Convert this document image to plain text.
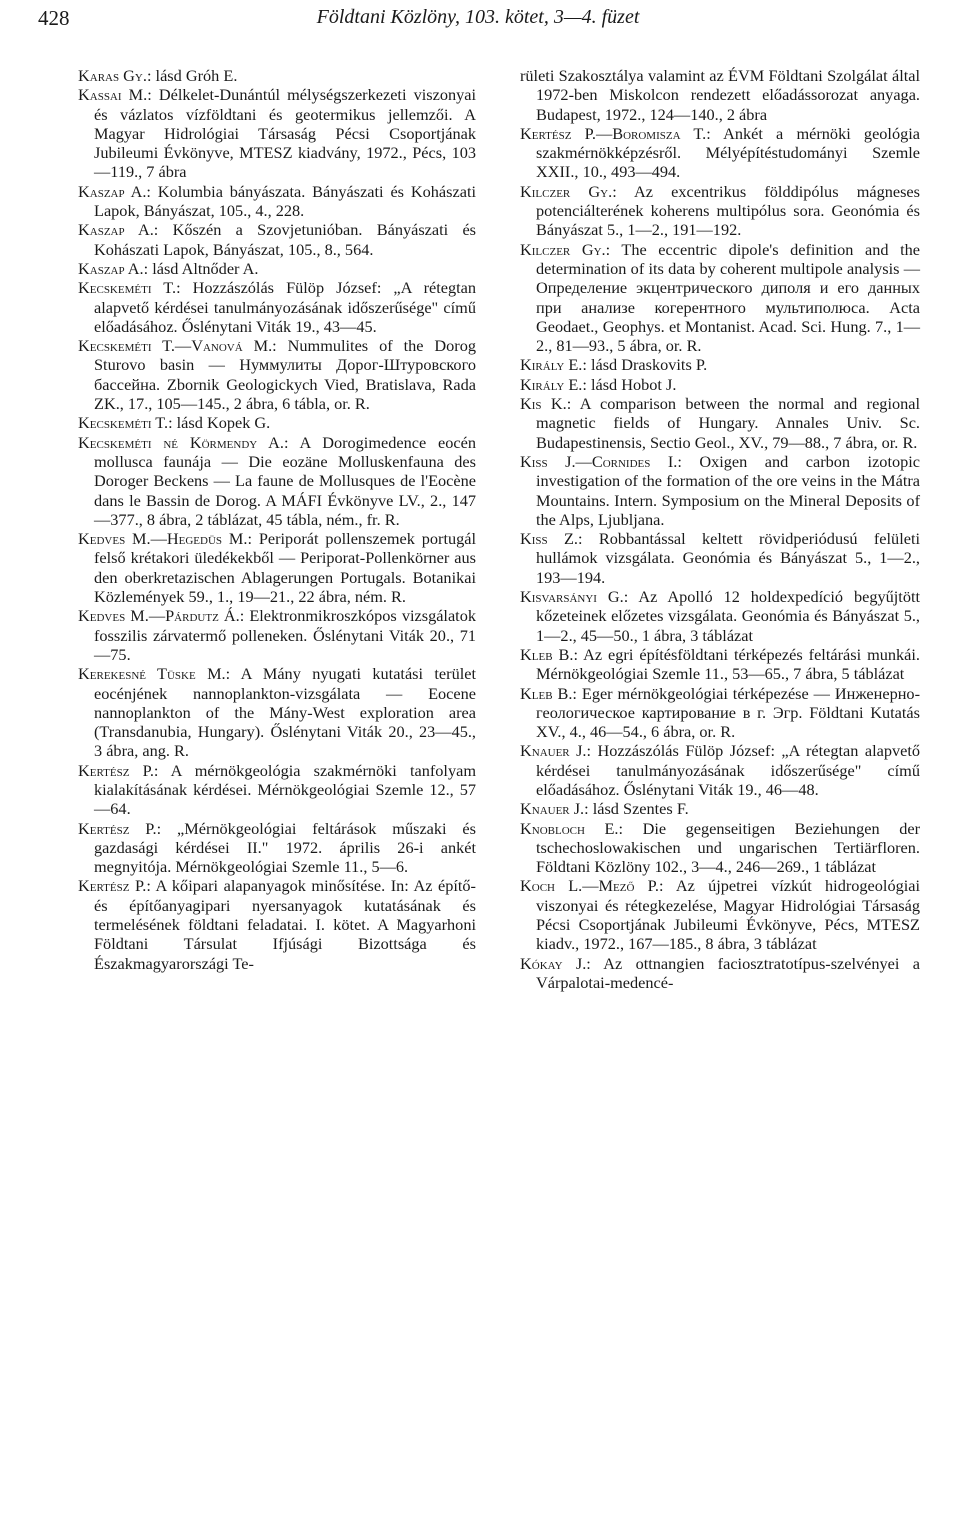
428	Földtani Közlöny, 103. kötet, 3—4. füzet
Karas Gy.: lásd Gróh E.
Kassai M.: Délkelet-Dunántúl mélységszerkezeti viszonyai és vázlatos vízföldtani és geotermikus jellemzői. A Magyar Hidrológiai Társaság Pécsi Csoportjának Jubileumi Évkönyve, MTESZ kiadvány, 1972., Pécs, 103—119., 7 ábra
Kaszap A.: Kolumbia bányászata. Bányászati és Kohászati Lapok, Bányászat, 105., 4., 228.
Kaszap A.: Kőszén a Szovjetunióban. Bányászati és Kohászati Lapok, Bányászat, 105., 8., 564.
Kaszap A.: lásd Altnőder A.
Kecskeméti T.: Hozzászólás Fülöp József: „A rétegtan alapvető kérdései tanulmányozásának időszerűsége" című előadásához. Őslénytani Viták 19., 43—45.
Kecskeméti T.—Vanová M.: Nummulites of the Dorog Sturovo basin — Нуммулиты Дорог-Штуровского бассейна. Zbornik Geologickych Vied, Bratislava, Rada ZK., 17., 105—145., 2 ábra, 6 tábla, or. R.
Kecskeméti T.: lásd Kopek G.
Kecskeméti né Körmendy A.: A Dorogimedence eocén mollusca faunája — Die eozäne Molluskenfauna des Doroger Beckens — La faune de Mollusques de l'Eocène dans le Bassin de Dorog. A MÁFI Évkönyve LV., 2., 147—377., 8 ábra, 2 táblázat, 45 tábla, ném., fr. R.
Kedves M.—Hegedüs M.: Periporát pollenszemek portugál felső krétakori üledékekből — Periporat-Pollenkörner aus den oberkretazischen Ablagerungen Portugals. Botanikai Közlemények 59., 1., 19—21., 22 ábra, ném. R.
Kedves M.—Párdutz Á.: Elektronmikroszkópos vizsgálatok fosszilis zárvatermő polleneken. Őslénytani Viták 20., 71—75.
Kerekesné Tüske M.: A Mány nyugati kutatási terület eocénjének nannoplankton-vizsgálata — Eocene nannoplankton of the Mány-West exploration area (Transdanubia, Hungary). Őslénytani Viták 20., 23—45., 3 ábra, ang. R.
Kertész P.: A mérnökgeológia szakmérnöki tanfolyam kialakításának kérdései. Mérnökgeológiai Szemle 12., 57—64.
Kertész P.: „Mérnökgeológiai feltárások műszaki és gazdasági kérdései II." 1972. április 26-i ankét megnyitója. Mérnökgeológiai Szemle 11., 5—6.
Kertész P.: A kőipari alapanyagok minősítése. In: Az építő- és építőanyagipari nyersanyagok kutatásának és termelésének földtani feladatai. I. kötet. A Magyarhoni Földtani Társulat Ifjúsági Bizottsága és Északmagyarországi Te-
rületi Szakosztálya valamint az ÉVM Földtani Szolgálat által 1972-ben Miskolcon rendezett előadássorozat anyaga. Budapest, 1972., 124—140., 2 ábra
Kertész P.—Boromisza T.: Ankét a mérnöki geológia szakmérnökképzésről. Mélyépítéstudományi Szemle XXII., 10., 493—494.
Kilczer Gy.: Az excentrikus földdipólus mágneses potenciálterének koherens multipólus sora. Geonómia és Bányászat 5., 1—2., 191—192.
Kilczer Gy.: The eccentric dipole's definition and the determination of its data by coherent multipole analysis — Определение экцентрического диполя и его данных при анализе когерентного мультиполюса. Acta Geodaet., Geophys. et Montanist. Acad. Sci. Hung. 7., 1—2., 81—93., 5 ábra, or. R.
Király E.: lásd Draskovits P.
Király E.: lásd Hobot J.
Kis K.: A comparison between the normal and regional magnetic fields of Hungary. Annales Univ. Sc. Budapestinensis, Sectio Geol., XV., 79—88., 7 ábra, or. R.
Kiss J.—Cornides I.: Oxigen and carbon izotopic investigation of the formation of the ore veins in the Mátra Mountains. Intern. Symposium on the Mineral Deposits of the Alps, Ljubljana.
Kiss Z.: Robbantással keltett rövidperiódusú felületi hullámok vizsgálata. Geonómia és Bányászat 5., 1—2., 193—194.
Kisvarsányi G.: Az Apolló 12 holdexpedíció begyűjtött kőzeteinek előzetes vizsgálata. Geonómia és Bányászat 5., 1—2., 45—50., 1 ábra, 3 táblázat
Kleb B.: Az egri építésföldtani térképezés feltárási munkái. Mérnökgeológiai Szemle 11., 53—65., 7 ábra, 5 táblázat
Kleb B.: Eger mérnökgeológiai térképezése — Инженерно-геологическое картирование в г. Эгр. Földtani Kutatás XV., 4., 46—54., 6 ábra, or. R.
Knauer J.: Hozzászólás Fülöp József: „A rétegtan alapvető kérdései tanulmányozásának időszerűsége" című előadásához. Őslénytani Viták 19., 46—48.
Knauer J.: lásd Szentes F.
Knobloch E.: Die gegenseitigen Beziehungen der tschechoslowakischen und ungarischen Tertiärfloren. Földtani Közlöny 102., 3—4., 246—269., 1 táblázat
Koch L.—Mező P.: Az újpetrei vízkút hidrogeológiai viszonyai és rétegkezelése, Magyar Hidrológiai Társaság Pécsi Csoportjának Jubileumi Évkönyve, Pécs, MTESZ kiadv., 1972., 167—185., 8 ábra, 3 táblázat
Kókay J.: Az ottnangien faciosztratotípus-szelvényei a Várpalotai-medencé-
